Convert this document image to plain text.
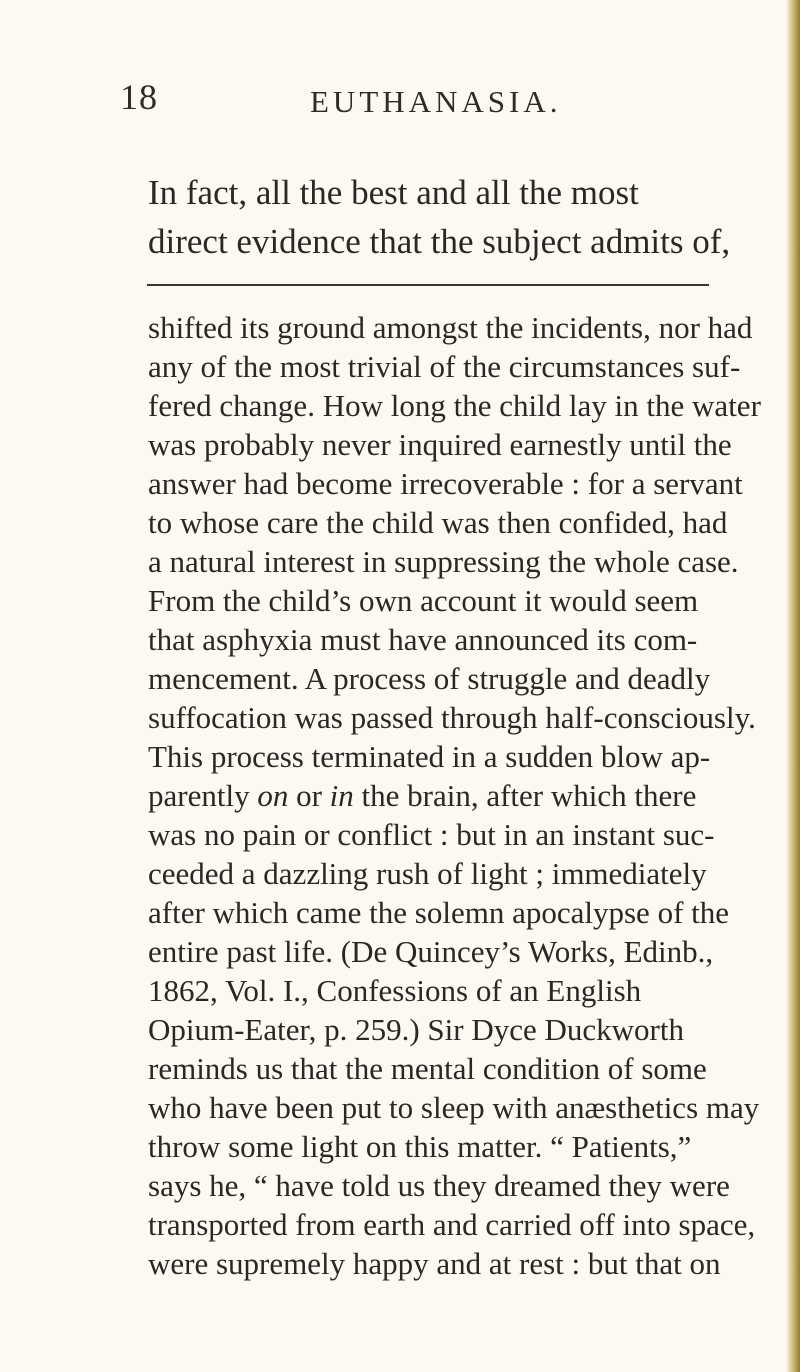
18	EUTHANASIA.
In fact, all the best and all the most
direct evidence that the subject admits of,
shifted its ground amongst the incidents, nor had
any of the most trivial of the circumstances suf-
fered change. How long the child lay in the water
was probably never inquired earnestly until the
answer had become irrecoverable : for a servant
to whose care the child was then confided, had
a natural interest in suppressing the whole case.
From the child’s own account it would seem
that asphyxia must have announced its com-
mencement. A process of struggle and deadly
suffocation was passed through half-consciously.
This process terminated in a sudden blow ap-
parently on or in the brain, after which there
was no pain or conflict : but in an instant suc-
ceeded a dazzling rush of light ; immediately
after which came the solemn apocalypse of the
entire past life. (De Quincey’s Works, Edinb.,
1862, Vol. I., Confessions of an English
Opium-Eater, p. 259.) Sir Dyce Duckworth
reminds us that the mental condition of some
who have been put to sleep with anæsthetics may
throw some light on this matter. “ Patients,”
says he, “ have told us they dreamed they were
transported from earth and carried off into space,
were supremely happy and at rest : but that on
